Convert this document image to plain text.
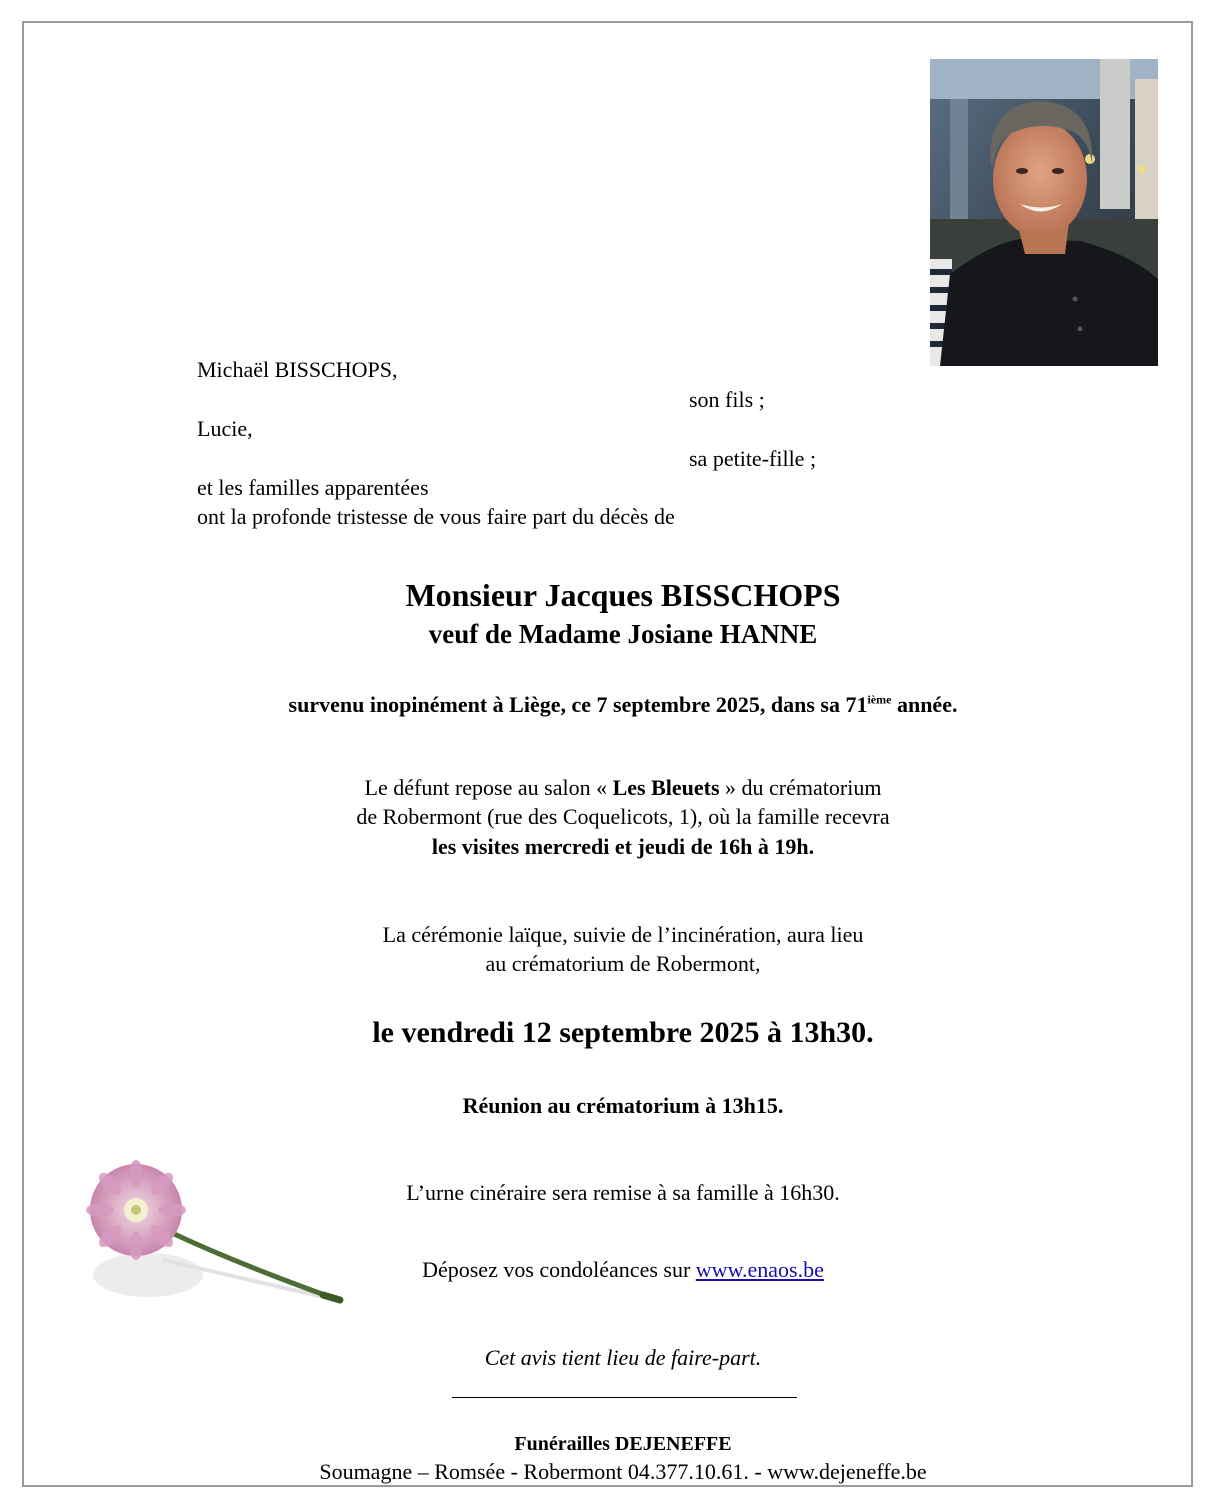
Michaël BISSCHOPS,
son fils ;
Lucie,
sa petite-fille ;
et les familles apparentées
ont la profonde tristesse de vous faire part du décès de
Monsieur Jacques BISSCHOPS
veuf de Madame Josiane HANNE
survenu inopinément à Liège, ce 7 septembre 2025, dans sa 71ième année.
Le défunt repose au salon « Les Bleuets » du crématorium
de Robermont (rue des Coquelicots, 1), où la famille recevra
les visites mercredi et jeudi de 16h à 19h.
La cérémonie laïque, suivie de l’incinération, aura lieu
au crématorium de Robermont,
le vendredi 12 septembre 2025 à 13h30.
Réunion au crématorium à 13h15.
L’urne cinéraire sera remise à sa famille à 16h30.
Déposez vos condoléances sur www.enaos.be
Cet avis tient lieu de faire-part.
Funérailles DEJENEFFE
Soumagne – Romsée - Robermont 04.377.10.61. - www.dejeneffe.be
